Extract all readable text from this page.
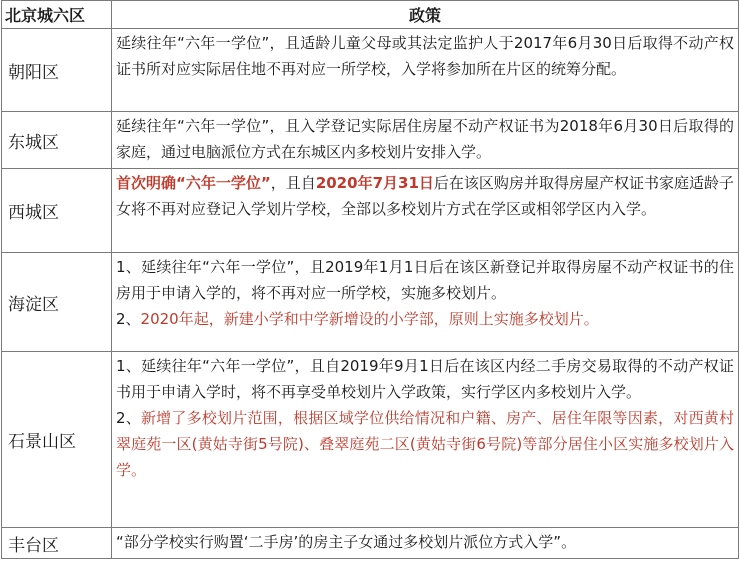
北京城六区	政策
朝阳区	延续往年“六年一学位”，且适龄儿童父母或其法定监护人于2017年6月30日后取得不动产权证书所对应实际居住地不再对应一所学校，入学将参加所在片区的统筹分配。
东城区	延续往年“六年一学位”，且入学登记实际居住房屋不动产权证书为2018年6月30日后取得的家庭，通过电脑派位方式在东城区内多校划片安排入学。
西城区	首次明确“六年一学位”，且自2020年7月31日后在该区购房并取得房屋产权证书家庭适龄子女将不再对应登记入学划片学校，全部以多校划片方式在学区或相邻学区内入学。
海淀区	1、延续往年“六年一学位”，且2019年1月1日后在该区新登记并取得房屋不动产权证书的住房用于申请入学的，将不再对应一所学校，实施多校划片。
2、2020年起，新建小学和中学新增设的小学部，原则上实施多校划片。

石景山区	1、延续往年“六年一学位”，且自2019年9月1日后在该区内经二手房交易取得的不动产权证书用于申请入学时，将不再享受单校划片入学政策，实行学区内多校划片入学。
2、新增了多校划片范围，根据区域学位供给情况和户籍、房产、居住年限等因素，对西黄村翠庭苑一区(黄姑寺街5号院)、叠翠庭苑二区(黄姑寺街6号院)等部分居住小区实施多校划片入学。

丰台区	“部分学校实行购置‘二手房’的房主子女通过多校划片派位方式入学”。
